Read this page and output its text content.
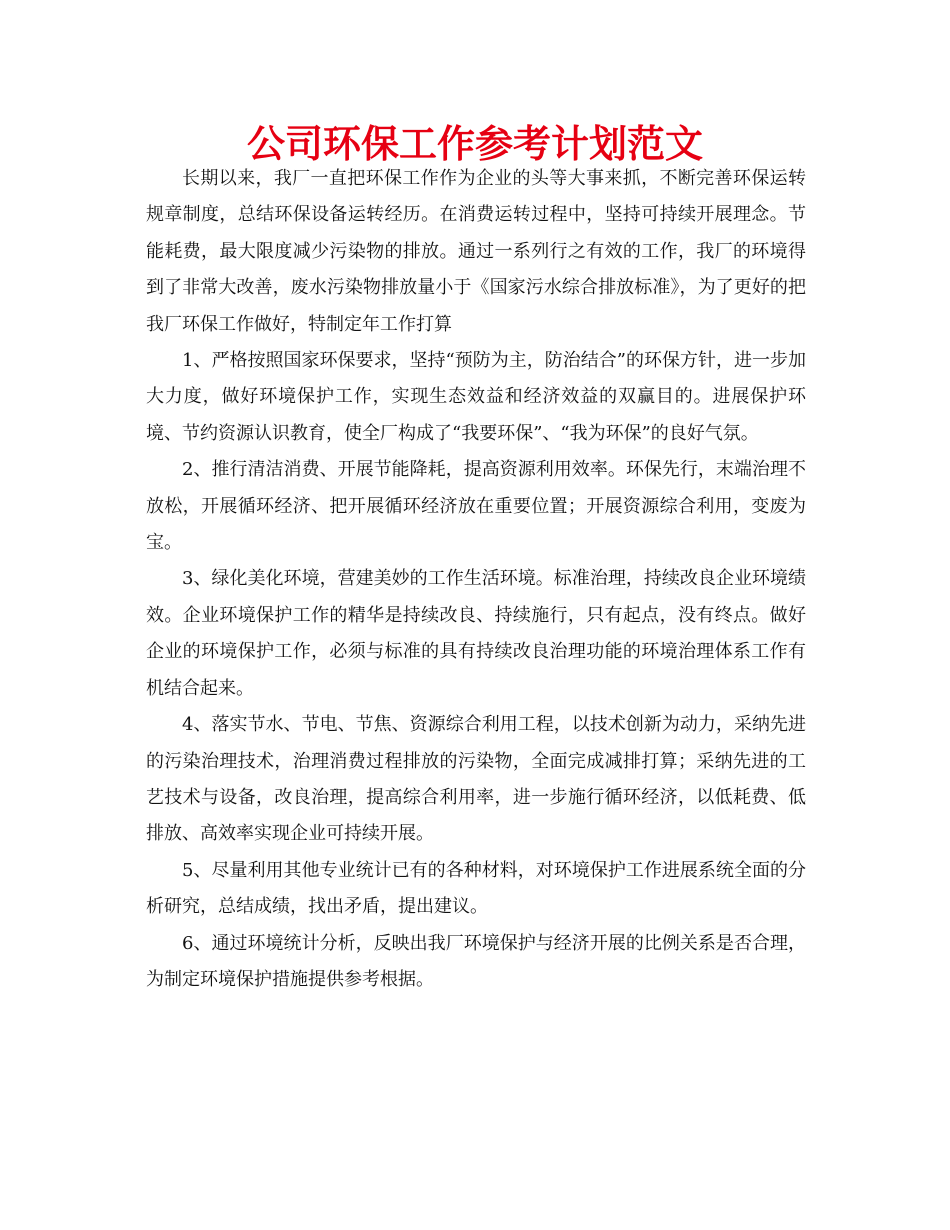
公司环保工作参考计划范文

长期以来，我厂一直把环保工作作为企业的头等大事来抓，不断完善环保运转规章制度，总结环保设备运转经历。在消费运转过程中，坚持可持续开展理念。节能耗费，最大限度减少污染物的排放。通过一系列行之有效的工作，我厂的环境得到了非常大改善，废水污染物排放量小于《国家污水综合排放标准》，为了更好的把我厂环保工作做好，特制定年工作打算

1、严格按照国家环保要求，坚持“预防为主，防治结合”的环保方针，进一步加大力度，做好环境保护工作，实现生态效益和经济效益的双赢目的。进展保护环境、节约资源认识教育，使全厂构成了“我要环保”、“我为环保”的良好气氛。

2、推行清洁消费、开展节能降耗，提高资源利用效率。环保先行，末端治理不放松，开展循环经济、把开展循环经济放在重要位置；开展资源综合利用，变废为宝。

3、绿化美化环境，营建美妙的工作生活环境。标准治理，持续改良企业环境绩效。企业环境保护工作的精华是持续改良、持续施行，只有起点，没有终点。做好企业的环境保护工作，必须与标准的具有持续改良治理功能的环境治理体系工作有机结合起来。

4、落实节水、节电、节焦、资源综合利用工程，以技术创新为动力，采纳先进的污染治理技术，治理消费过程排放的污染物，全面完成减排打算；采纳先进的工艺技术与设备，改良治理，提高综合利用率，进一步施行循环经济，以低耗费、低排放、高效率实现企业可持续开展。

5、尽量利用其他专业统计已有的各种材料，对环境保护工作进展系统全面的分析研究，总结成绩，找出矛盾，提出建议。

6、通过环境统计分析，反映出我厂环境保护与经济开展的比例关系是否合理，为制定环境保护措施提供参考根据。
